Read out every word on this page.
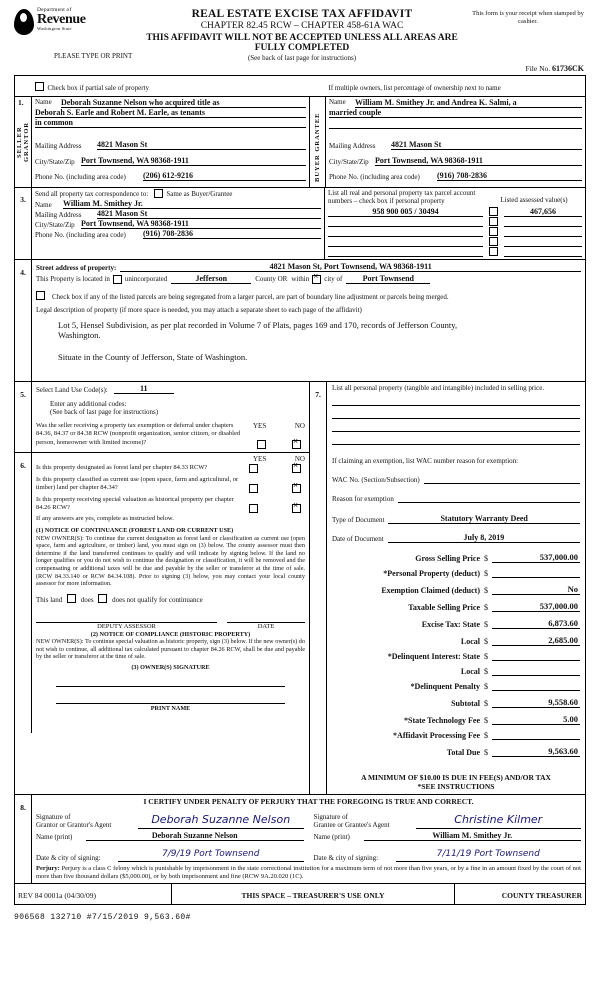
Department of
Revenue
Washington State
REAL ESTATE EXCISE TAX AFFIDAVIT
CHAPTER 82.45 RCW – CHAPTER 458-61A WAC
THIS AFFIDAVIT WILL NOT BE ACCEPTED UNLESS ALL AREAS ARE FULLY COMPLETED
(See back of last page for instructions)
This form is your receipt when stamped by cashier.
PLEASE TYPE OR PRINT
File No. 61736CK
	Check box if partial sale of property		If multiple owners, list percentage of ownership next to name

1.
SELLER GRANTOR

Name	Deborah Suzanne Nelson who acquired title as
Deborah S. Earle and Robert M. Earle, as tenants
in common	BUYER GRANTEE

Name	William M. Smithey Jr. and Andrea K. Salmi, a
married couple

	Mailing Address 4821 Mason St		Mailing Address 4821 Mason St

	City/State/Zip Port Townsend, WA 98368-1911		City/State/Zip Port Townsend, WA 98368-1911

	Phone No. (including area code) (206) 612-9216		Phone No. (including area code) (916) 708-2836
3.	
Send all property tax correspondence to:	Same as Buyer/Grantee
Name	William M. Smithey Jr.
Mailing Address	4821 Mason St
City/State/Zip Port Townsend, WA 98368-1911
Phone No. (including area code)	(916) 708-2836

List all real and personal property tax parcel account
numbers – check box if personal property	Listed assessed value(s)
958 900 005 / 30494	467,656

4.	Street address of property:	4821 Mason St, Port Townsend, WA 98368-1911
This Property is located in unincorporated	Jefferson	County OR within × city of	Port Townsend
Check box if any of the listed parcels are being segregated from a larger parcel, are part of boundary line adjustment or parcels being merged.
Legal description of property (if more space is needed, you may attach a separate sheet to each page of the affidavit)
Lot 5, Hensel Subdivision, as per plat recorded in Volume 7 of Plats, pages 169 and 170, records of Jefferson County,
Washington.
Situate in the County of Jefferson, State of Washington.
5.	Select Land Use Code(s):	11
Enter any additional codes:
(See back of last page for instructions)
Was the seller receiving a property tax exemption or deferral under chapters 84.36, 84.37 or 84.38 RCW (nonprofit organization, senior citizen, or disabled person, homeowner with limited income)?
YES	NO
×

6.	
YES	NO
Is this property designated as forest land per chapter 84.33 RCW?
×
Is this property classified as current use (open space, farm and agricultural, or timber) land per chapter 84.34?
×
Is this property receiving special valuation as historical property per chapter 84.26 RCW?
×
If any answers are yes, complete as instructed below.
(1) NOTICE OF CONTINUANCE (FOREST LAND OR CURRENT USE)
NEW OWNER(S): To continue the current designation as forest land or classification as current use (open space, farm and agriculture, or timber) land, you must sign on (3) below. The county assessor must then determine if the land transferred continues to qualify and will indicate by signing below. If the land no longer qualifies or you do not wish to continue the designation or classification, it will be removed and the compensating or additional taxes will be due and payable by the seller or transferor at the time of sale. (RCW 84.33.140 or RCW 84.34.108). Prior to signing (3) below, you may contact your local county assessor for more information.
This land	does	does not qualify for continuance
DEPUTY ASSESSOR	DATE
(2) NOTICE OF COMPLIANCE (HISTORIC PROPERTY)
NEW OWNER(S): To continue special valuation as historic property, sign (3) below. If the new owner(s) do not wish to continue, all additional tax calculated pursuant to chapter 84.26 RCW, shall be due and payable by the seller or transferor at the time of sale.
(3) OWNER(S) SIGNATURE
PRINT NAME

7.	
List all personal property (tangible and intangible) included in selling price.
If claiming an exemption, list WAC number reason for exemption:
WAC No. (Section/Subsection)
Reason for exemption
Type of Document	Statutory Warranty Deed
Date of Document	July 8, 2019
Gross Selling Price $	537,000.00
*Personal Property (deduct) $
Exemption Claimed (deduct) $	No
Taxable Selling Price $	537,000.00
Excise Tax: State $	6,873.60
Local $	2,685.00
*Delinquent Interest: State $
Local $
*Delinquent Penalty $
Subtotal $	9,558.60
*State Technology Fee $	5.00
*Affidavit Processing Fee $
Total Due $	9,563.60
A MINIMUM OF $10.00 IS DUE IN FEE(S) AND/OR TAX
*SEE INSTRUCTIONS
8.	
I CERTIFY UNDER PENALTY OF PERJURY THAT THE FOREGOING IS TRUE AND CORRECT.
Signature of
Grantor or Grantor's Agent	Deborah Suzanne Nelson
Name (print)	Deborah Suzanne Nelson
Date & city of signing:	7/9/19 Port Townsend
Signature of
Grantee or Grantee's Agent	Christine Kilmer
Name (print)	William M. Smithey Jr.
Date & city of signing:	7/11/19 Port Townsend
Perjury: Perjury is a class C felony which is punishable by imprisonment in the state correctional institution for a maximum term of not more than five years, or by a fine in an amount fixed by the court of not more than five thousand dollars ($5,000.00), or by both imprisonment and fine (RCW 9A.20.020 (1C).
REV 84 0001a (04/30/09)	THIS SPACE – TREASURER'S USE ONLY	COUNTY TREASURER
906568 132710 #7/15/2019 9,563.60#
